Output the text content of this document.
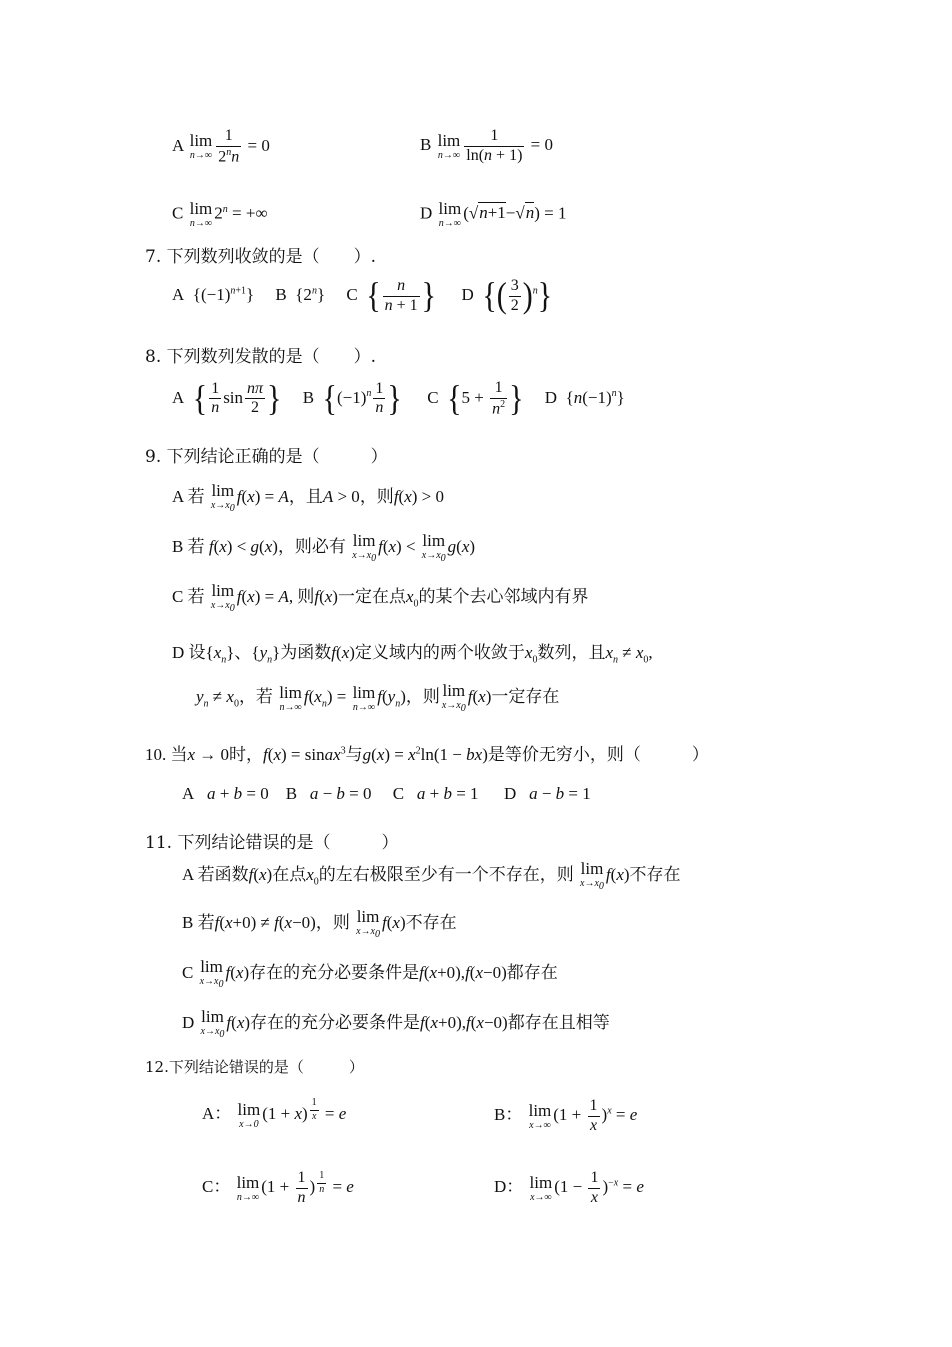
A lim
$n\to\infty \frac{1}{2^nn} = 0$	B lim
$n\to\infty \frac{1}{\ln(n + 1)} = 0$
C lim
n→∞
$2^n$ = +∞	D lim
n→∞
(√n+1−√n) = 1
7. 下列数列收敛的是（　　）.
A  $\{(-1)^{n+1}\}$     B  {2$^n$}     C { $\frac{n}{n + 1}$ } D {( $\frac{3}{2} )^n$}
8. 下列数列发散的是（　　）.
A { $\frac{1}{n}$ $\sin \frac{n\pi}{2}$ } B {$(-1)^n \frac{1}{n}$ } C {$5 + \frac{1}{n^2}$ } D  $\{n(-1)^n\}$
9. 下列结论正确的是（　　　）
A 若 lim
$x\to x_0$
f(x) = A，且A > 0，则f(x) > 0
B 若 f(x) < g(x)，则必有 lim
$x\to x_0$
f(x) < lim
$x\to x_0$
g(x)
C 若 lim
$x\to x_0$
f(x) = A, 则f(x)一定在点$x_0$的某个去心邻域内有界
D 设$\{x_n\}$、$\{y_n\}$为函数f(x)定义域内的两个收敛于$x_0$数列，且$x_n \ne x_0$,
$y_n \ne x_0$，若 lim
n→∞
$f(x_n) = \lim$
n→∞
$f(y_n)$，则 lim
$x\to x_0$
f(x)一定存在
10. 当x → 0时，f(x) = sinax$^3$与$g(x) = x^2\ln(1 - bx)$是等价无穷小，则（　　　）
A a + b = 0    B a − b = 0     C a + b = 1      D a − b = 1
11. 下列结论错误的是（　　　）
A 若函数f(x)在点$x_0$的左右极限至少有一个不存在，则 lim
$x\to x_0$
f(x)不存在
B 若f(x+0) ≠ f(x−0)，则 lim
$x\to x_0$
f(x)不存在
C lim
$x\to x_0$
f(x)存在的充分必要条件是f(x+0),f(x−0)都存在
D lim
$x\to x_0$
f(x)存在的充分必要条件是f(x+0),f(x−0)都存在且相等
12.下列结论错误的是（　　　）
A： lim
x→0
(1 + x) $^{\frac{1}{x}}$ = e	B： lim
x→∞
$(1 + \frac{1}{x} )^x = e$
C： lim
n→∞
($1 + \frac{1}{n}$ ) $^{\frac{1}{n}}$ = e	D： lim
x→∞
$(1 - \frac{1}{x} )^{-x} = e$
